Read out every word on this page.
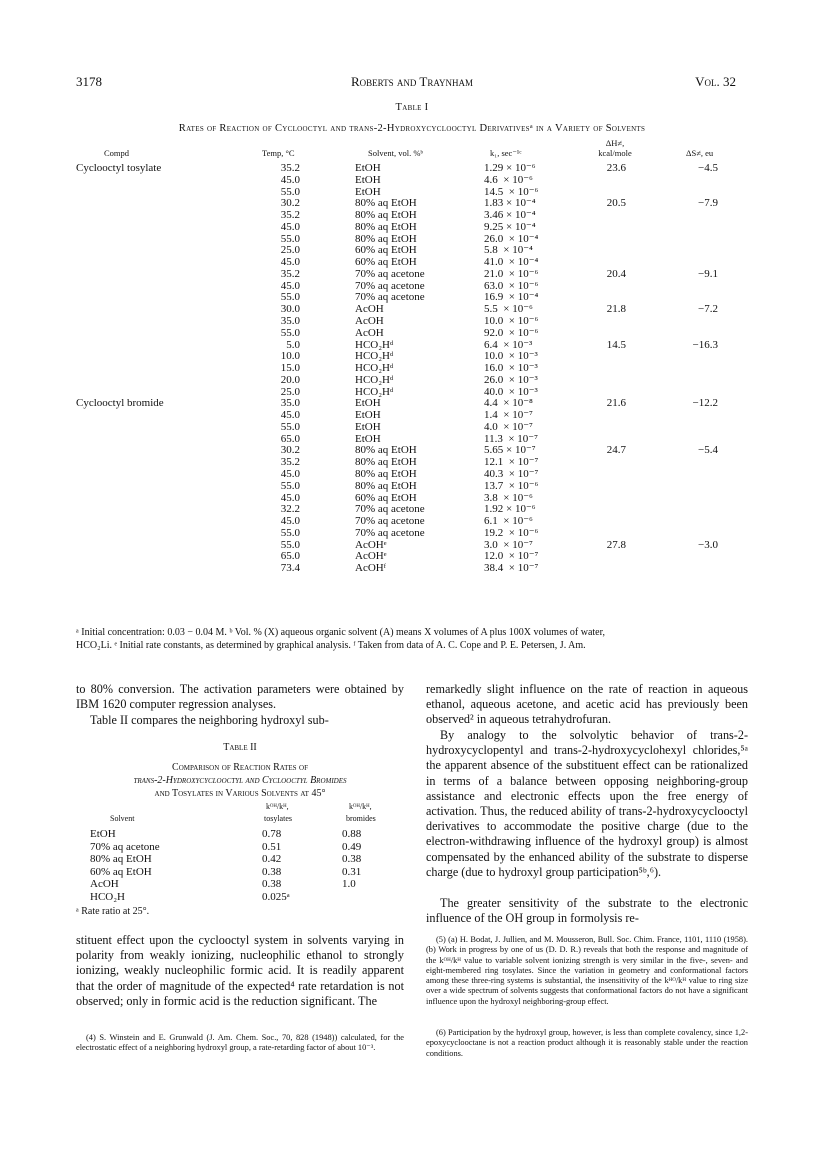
3178	Roberts and Traynham	Vol. 32
Table I
Rates of Reaction of Cyclooctyl and trans-2-Hydroxycyclooctyl Derivativesᵃ in a Variety of Solvents
ΔH≠,
Compd	Temp, °C	Solvent, vol. %ᵇ	k₁, sec⁻¹ᶜ	kcal/mole	ΔS≠, eu
Cyclooctyl tosylate	35.2	EtOH	1.29 × 10⁻⁶	23.6	−4.5
45.0	EtOH	4.6  × 10⁻⁶
55.0	EtOH	14.5  × 10⁻⁶
30.2	80% aq EtOH	1.83 × 10⁻⁴	20.5	−7.9
35.2	80% aq EtOH	3.46 × 10⁻⁴
45.0	80% aq EtOH	9.25 × 10⁻⁴
55.0	80% aq EtOH	26.0  × 10⁻⁴
25.0	60% aq EtOH	5.8  × 10⁻⁴
45.0	60% aq EtOH	41.0  × 10⁻⁴
35.2	70% aq acetone	21.0  × 10⁻⁶	20.4	−9.1
45.0	70% aq acetone	63.0  × 10⁻⁶
55.0	70% aq acetone	16.9  × 10⁻⁴
30.0	AcOH	5.5  × 10⁻⁶	21.8	−7.2
35.0	AcOH	10.0  × 10⁻⁶
55.0	AcOH	92.0  × 10⁻⁶
5.0	HCO₂Hᵈ	6.4  × 10⁻³	14.5	−16.3
10.0	HCO₂Hᵈ	10.0  × 10⁻³
15.0	HCO₂Hᵈ	16.0  × 10⁻³
20.0	HCO₂Hᵈ	26.0  × 10⁻³
25.0	HCO₂Hᵈ	40.0  × 10⁻³
Cyclooctyl bromide	35.0	EtOH	4.4  × 10⁻⁸	21.6	−12.2
45.0	EtOH	1.4  × 10⁻⁷
55.0	EtOH	4.0  × 10⁻⁷
65.0	EtOH	11.3  × 10⁻⁷
30.2	80% aq EtOH	5.65 × 10⁻⁷	24.7	−5.4
35.2	80% aq EtOH	12.1  × 10⁻⁷
45.0	80% aq EtOH	40.3  × 10⁻⁷
55.0	80% aq EtOH	13.7  × 10⁻⁶
45.0	60% aq EtOH	3.8  × 10⁻⁶
32.2	70% aq acetone	1.92 × 10⁻⁶
45.0	70% aq acetone	6.1  × 10⁻⁶
55.0	70% aq acetone	19.2  × 10⁻⁶
55.0	AcOHᵉ	3.0  × 10⁻⁷	27.8	−3.0
65.0	AcOHᵉ	12.0  × 10⁻⁷
73.4	AcOHᶠ	38.4  × 10⁻⁷
ᵃ Initial concentration: 0.03 − 0.04 M. ᵇ Vol. % (X) aqueous organic solvent (A) means X volumes of A plus 100X volumes of water,
HCO₂Li. ᵉ Initial rate constants, as determined by graphical analysis. ᶠ Taken from data of A. C. Cope and P. E. Petersen, J. Am.
to 80% conversion. The activation parameters were obtained by IBM 1620 computer regression analyses.
Table II compares the neighboring hydroxyl sub-
Table II
Comparison of Reaction Rates of
trans-2-Hydroxycyclooctyl and Cyclooctyl Bromides
and Tosylates in Various Solvents at 45°
kᴼᴴ/kᴴ,	kᴼᴴ/kᴴ,
Solvent	tosylates	bromides
EtOH	0.78	0.88
70% aq acetone	0.51	0.49
80% aq EtOH	0.42	0.38
60% aq EtOH	0.38	0.31
AcOH	0.38	1.0
HCO₂H	0.025ᵃ
ᵃ Rate ratio at 25°.
stituent effect upon the cyclooctyl system in solvents varying in polarity from weakly ionizing, nucleophilic ethanol to strongly ionizing, weakly nucleophilic formic acid. It is readily apparent that the order of magnitude of the expected⁴ rate retardation is not observed; only in formic acid is the reduction significant. The
(4) S. Winstein and E. Grunwald (J. Am. Chem. Soc., 70, 828 (1948)) calculated, for the electrostatic effect of a neighboring hydroxyl group, a rate-retarding factor of about 10⁻³.
remarkedly slight influence on the rate of reaction in aqueous ethanol, aqueous acetone, and acetic acid has previously been observed² in aqueous tetrahydrofuran.
By analogy to the solvolytic behavior of trans-2-hydroxycyclopentyl and trans-2-hydroxycyclohexyl chlorides,⁵ᵃ the apparent absence of the substituent effect can be rationalized in terms of a balance between opposing neighboring-group assistance and electronic effects upon the free energy of activation. Thus, the reduced ability of trans-2-hydroxycyclooctyl derivatives to accommodate the positive charge (due to the electron-withdrawing influence of the hydroxyl group) is almost compensated by the enhanced ability of the substrate to disperse charge (due to hydroxyl group participation⁵ᵇ,⁶).
The greater sensitivity of the substrate to the electronic influence of the OH group in formolysis re-
(5) (a) H. Bodat, J. Jullien, and M. Mousseron, Bull. Soc. Chim. France, 1101, 1110 (1958). (b) Work in progress by one of us (D. D. R.) reveals that both the response and magnitude of the kᴼᴴ/kᴴ value to variable solvent ionizing strength is very similar in the five-, seven- and eight-membered ring tosylates. Since the variation in geometry and conformational factors among these three-ring systems is substantial, the insensitivity of the kᴴᴼ/kᴴ value to ring size over a wide spectrum of solvents suggests that conformational factors do not have a significant influence upon the hydroxyl neighboring-group effect.
(6) Participation by the hydroxyl group, however, is less than complete covalency, since 1,2-epoxycyclooctane is not a reaction product although it is reasonably stable under the reaction conditions.
